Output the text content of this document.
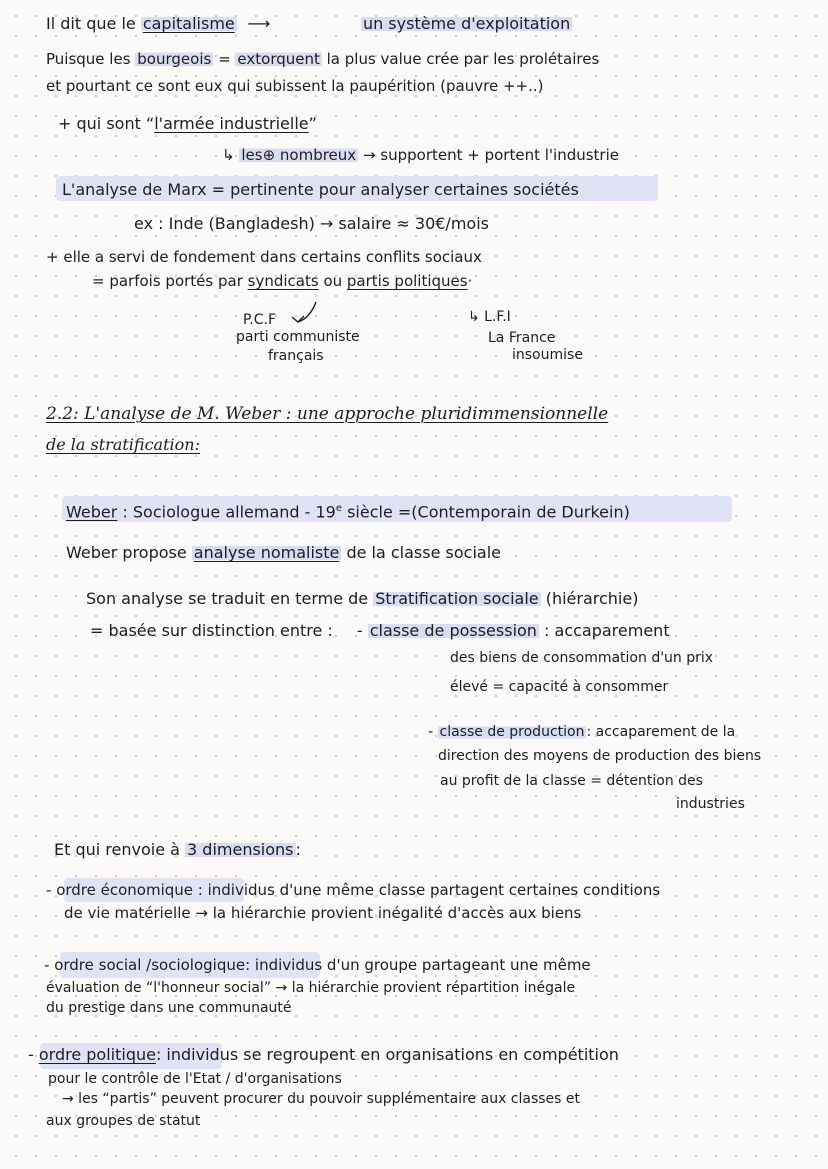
Il dit que le capitalisme ⟶	un système d'exploitation

Puisque les bourgeois = extorquent la plus value crée par les prolétaires

et pourtant ce sont eux qui subissent la paupérition (pauvre ++..)

+ qui sont “l'armée industrielle”

↳ les⊕ nombreux → supportent + portent l'industrie

L'analyse de Marx = pertinente pour analyser certaines sociétés

ex : Inde (Bangladesh) → salaire ≈ 30€/mois

+ elle a servi de fondement dans certains conflits sociaux

= parfois portés par syndicats ou partis politiques·

P.C.F

parti communiste

français

↳ L.F.I

La France

insoumise

2.2: L'analyse de M. Weber : une approche pluridimmensionnelle

de la stratification:

Weber : Sociologue allemand - 19e siècle =(Contemporain de Durkein)

Weber propose analyse nomaliste de la classe sociale

Son analyse se traduit en terme de Stratification sociale (hiérarchie)

= basée sur distinction entre : - classe de possession : accaparement

des biens de consommation d'un prix

élevé = capacité à consommer

- classe de production : accaparement de la

direction des moyens de production des biens

au profit de la classe = détention des

industries

Et qui renvoie à 3 dimensions :

- ordre économique : individus d'une même classe partagent certaines conditions

de vie matérielle → la hiérarchie provient inégalité d'accès aux biens

- ordre social /sociologique: individus d'un groupe partageant une même

évaluation de “l'honneur social” → la hiérarchie provient répartition inégale

du prestige dans une communauté

- ordre politique: individus se regroupent en organisations en compétition

pour le contrôle de l'Etat / d'organisations

→ les “partis” peuvent procurer du pouvoir supplémentaire aux classes et

aux groupes de statut
